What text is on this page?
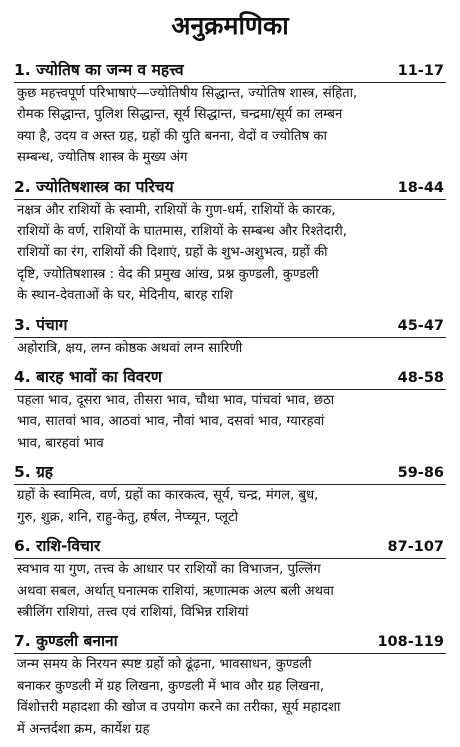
अनुक्रमणिका
1. ज्योतिष का जन्म व महत्त्व	11-17
कुछ महत्त्वपूर्ण परिभाषाएं—ज्योतिषीय सिद्धान्त, ज्योतिष शास्त्र, संहिता,
रोमक सिद्धान्त, पुलिश सिद्धान्त, सूर्य सिद्धान्त, चन्द्रमा/सूर्य का लम्बन
क्या है, उदय व अस्त ग्रह, ग्रहों की युति बनना, वेदों व ज्योतिष का
सम्बन्ध, ज्योतिष शास्त्र के मुख्य अंग
2. ज्योतिषशास्त्र का परिचय	18-44
नक्षत्र और राशियों के स्वामी, राशियों के गुण-धर्म, राशियों के कारक,
राशियों के वर्ण, राशियों के घातमास, राशियों के सम्बन्ध और रिश्तेदारी,
राशियों का रंग, राशियों की दिशाएं, ग्रहों के शुभ-अशुभत्व, ग्रहों की
दृष्टि, ज्योतिषशास्त्र : वेद की प्रमुख आंख, प्रश्न कुण्डली, कुण्डली
के स्थान-देवताओं के घर, मेदिनीय, बारह राशि
3. पंचाग	45-47
अहोरात्रि, क्षय, लग्न कोष्ठक अथवां लग्न सारिणी
4. बारह भावों का विवरण	48-58
पहला भाव, दूसरा भाव, तीसरा भाव, चौथा भाव, पांचवां भाव, छठा
भाव, सातवां भाव, आठवां भाव, नौवां भाव, दसवां भाव, ग्यारहवां
भाव, बारहवां भाव
5. ग्रह	59-86
ग्रहों के स्वामित्व, वर्ण, ग्रहों का कारकत्व, सूर्य, चन्द्र, मंगल, बुध,
गुरु, शुक्र, शनि, राहु-केतु, हर्षल, नेप्च्यून, प्लूटो
6. राशि-विचार	87-107
स्वभाव या गुण, तत्त्व के आधार पर राशियों का विभाजन, पुल्लिंग
अथवा सबल, अर्थात् घनात्मक राशियां, ऋणात्मक अल्प बली अथवा
स्त्रीलिंग राशियां, तत्त्व एवं राशियां, विभिन्न राशियां
7. कुण्डली बनाना	108-119
जन्म समय के निरयन स्पष्ट ग्रहों को ढूंढ़ना, भावसाधन, कुण्डली
बनाकर कुण्डली में ग्रह लिखना, कुण्डली में भाव और ग्रह लिखना,
विंशोत्तरी महादशा की खोज व उपयोग करने का तरीका, सूर्य महादशा
में अन्तर्दशा क्रम, कार्येश ग्रह
